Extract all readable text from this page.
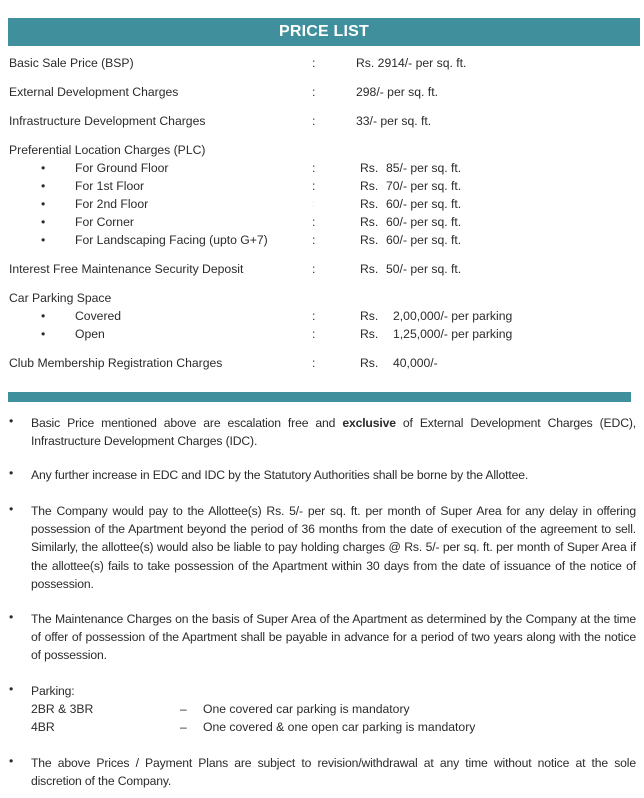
PRICE LIST
Basic Sale Price (BSP)	:	Rs. 2914/- per sq. ft.
External Development Charges	:	298/- per sq. ft.
Infrastructure Development Charges	:	33/- per sq. ft.
Preferential Location Charges (PLC)
• For Ground Floor	:	Rs. 85/- per sq. ft.
• For 1st Floor	:	Rs. 70/- per sq. ft.
• For 2nd Floor	:	Rs. 60/- per sq. ft.
• For Corner	:	Rs. 60/- per sq. ft.
• For Landscaping Facing (upto G+7)	:	Rs. 60/- per sq. ft.
Interest Free Maintenance Security Deposit	:	Rs. 50/- per sq. ft.
Car Parking Space
• Covered	:	Rs. 2,00,000/- per parking
• Open	:	Rs. 1,25,000/- per parking
Club Membership Registration Charges	:	Rs. 40,000/-
• Basic Price mentioned above are escalation free and exclusive of External Development Charges (EDC), Infrastructure Development Charges (IDC).
• Any further increase in EDC and IDC by the Statutory Authorities shall be borne by the Allottee.
• The Company would pay to the Allottee(s) Rs. 5/- per sq. ft. per month of Super Area for any delay in offering possession of the Apartment beyond the period of 36 months from the date of execution of the agreement to sell. Similarly, the allottee(s) would also be liable to pay holding charges @ Rs. 5/- per sq. ft. per month of Super Area if the allottee(s) fails to take possession of the Apartment within 30 days from the date of issuance of the notice of possession.
• The Maintenance Charges on the basis of Super Area of the Apartment as determined by the Company at the time of offer of possession of the Apartment shall be payable in advance for a period of two years along with the notice of possession.
• Parking:
2BR & 3BR	– One covered car parking is mandatory
4BR	– One covered & one open car parking is mandatory
• The above Prices / Payment Plans are subject to revision/withdrawal at any time without notice at the sole discretion of the Company.
